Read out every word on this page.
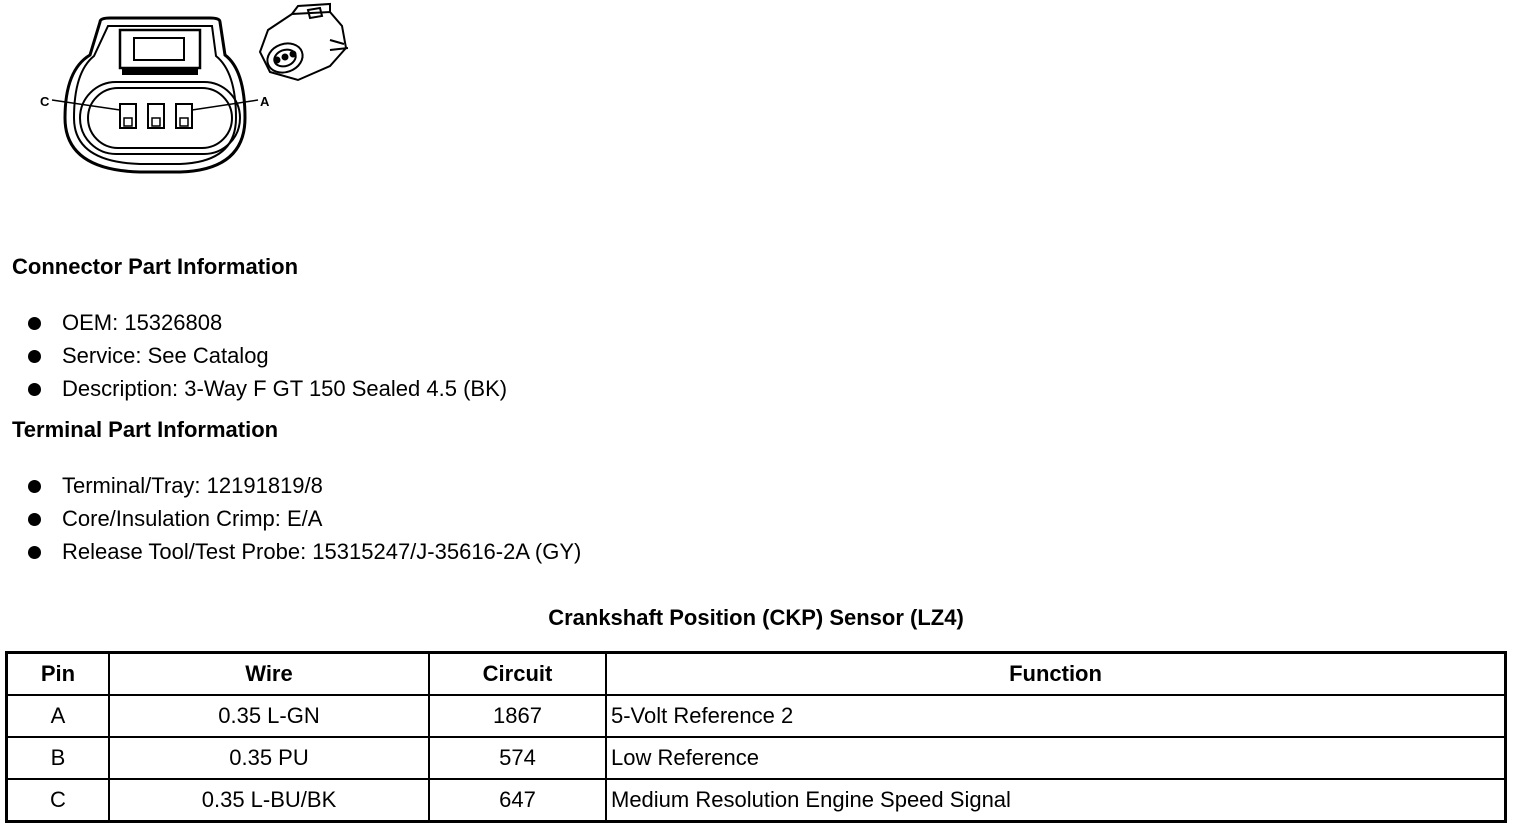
C	A
Connector Part Information
OEM: 15326808
Service: See Catalog
Description: 3-Way F GT 150 Sealed 4.5 (BK)
Terminal Part Information
Terminal/Tray: 12191819/8
Core/Insulation Crimp: E/A
Release Tool/Test Probe: 15315247/J-35616-2A (GY)
Crankshaft Position (CKP) Sensor (LZ4)
Pin	Wire	Circuit	Function
A	0.35 L-GN	1867	5-Volt Reference 2
B	0.35 PU	574	Low Reference
C	0.35 L-BU/BK	647	Medium Resolution Engine Speed Signal
